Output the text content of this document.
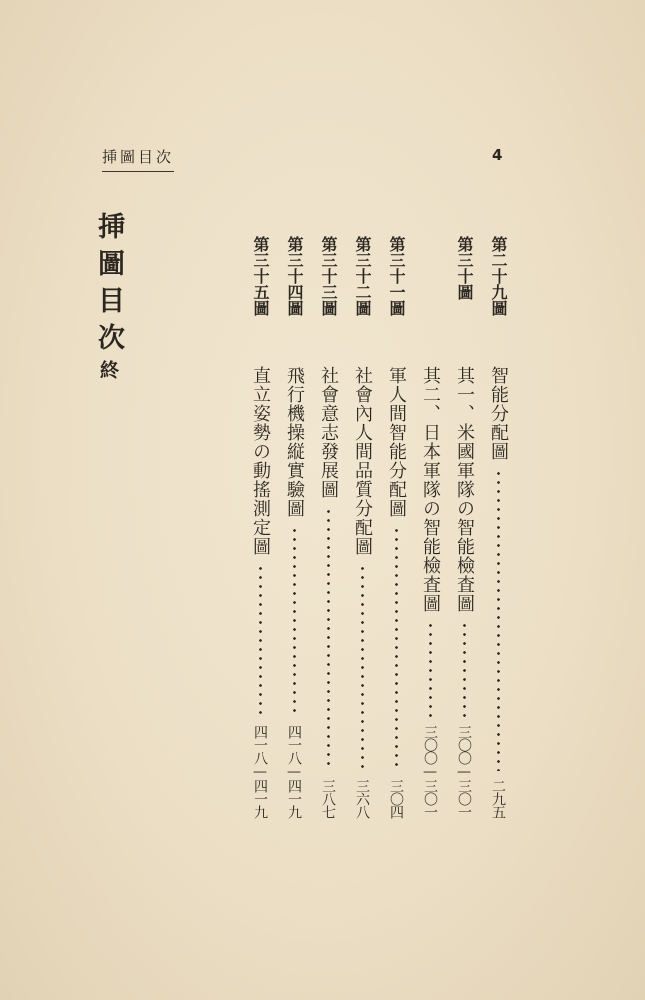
挿圖目次	4
挿圖目次終
第二十九圖
智能分配圖
二九五
第三十圖
其一、米國軍隊の智能檢査圖
三〇〇—三〇一
其二、日本軍隊の智能檢査圖
三〇〇—三〇一
第三十一圖
軍人間智能分配圖
三〇四
第三十二圖
社會內人間品質分配圖
三六八
第三十三圖
社會意志發展圖
三八七
第三十四圖
飛行機操縦實驗圖
四一八—四一九
第三十五圖
直立姿勢の動搖測定圖
四一八—四一九
